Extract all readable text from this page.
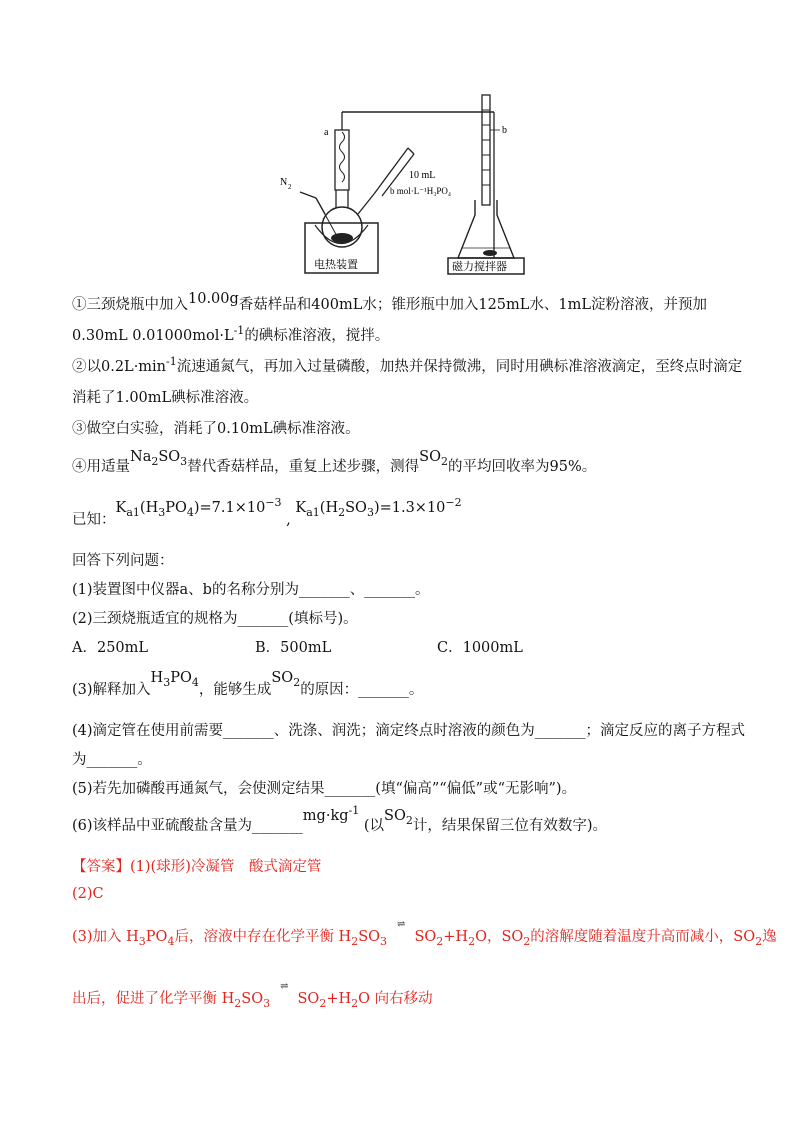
a	b
N 2
10 mL
b mol·L⁻¹H₃PO₄
电热装置	磁力搅拌器
①三颈烧瓶中加入10.00g香菇样品和400mL水；锥形瓶中加入125mL水、1mL淀粉溶液，并预加
0.30mL $0.01000mol\cdot L^{-1}$的碘标准溶液，搅拌。
②以$0.2L\cdot\min^{-1}$流速通氮气，再加入过量磷酸，加热并保持微沸，同时用碘标准溶液滴定，至终点时滴定
消耗了1.00mL碘标准溶液。
③做空白实验，消耗了0.10mL碘标准溶液。
④用适量$Na_2SO_3$替代香菇样品，重复上述步骤，测得$SO_2$的平均回收率为95%。
已知：$K_{a1}(H_3PO_4)=7.1\times 10^{-3}$ , $K_{a1}(H_2SO_3)=1.3\times 10^{-2}$
回答下列问题：
(1)装置图中仪器a、b的名称分别为_______、_______。
(2)三颈烧瓶适宜的规格为_______(填标号)。
A．250mL	B．500mL	C．1000mL
(3)解释加入$H_3PO_4$，能够生成$SO_2$的原因：_______。
(4)滴定管在使用前需要_______、洗涤、润洗；滴定终点时溶液的颜色为_______；滴定反应的离子方程式
为_______。
(5)若先加磷酸再通氮气，会使测定结果_______(填“偏高”“偏低”或“无影响”)。
(6)该样品中亚硫酸盐含量为$\_\_\_\_\_\_\_mg\cdot kg^{-1}$ (以$SO_2$计，结果保留三位有效数字)。
【答案】(1)(球形)冷凝管　酸式滴定管
(2)C
(3)加入 $H_3PO_4$后，溶液中存在化学平衡 $H_2SO_3^\rightleftharpoons SO_2+H_2O$，$SO_2$的溶解度随着温度升高而减小，$SO_2$逸
出后，促进了化学平衡 $H_2SO_3^\rightleftharpoons SO_2+H_2O$ 向右移动
